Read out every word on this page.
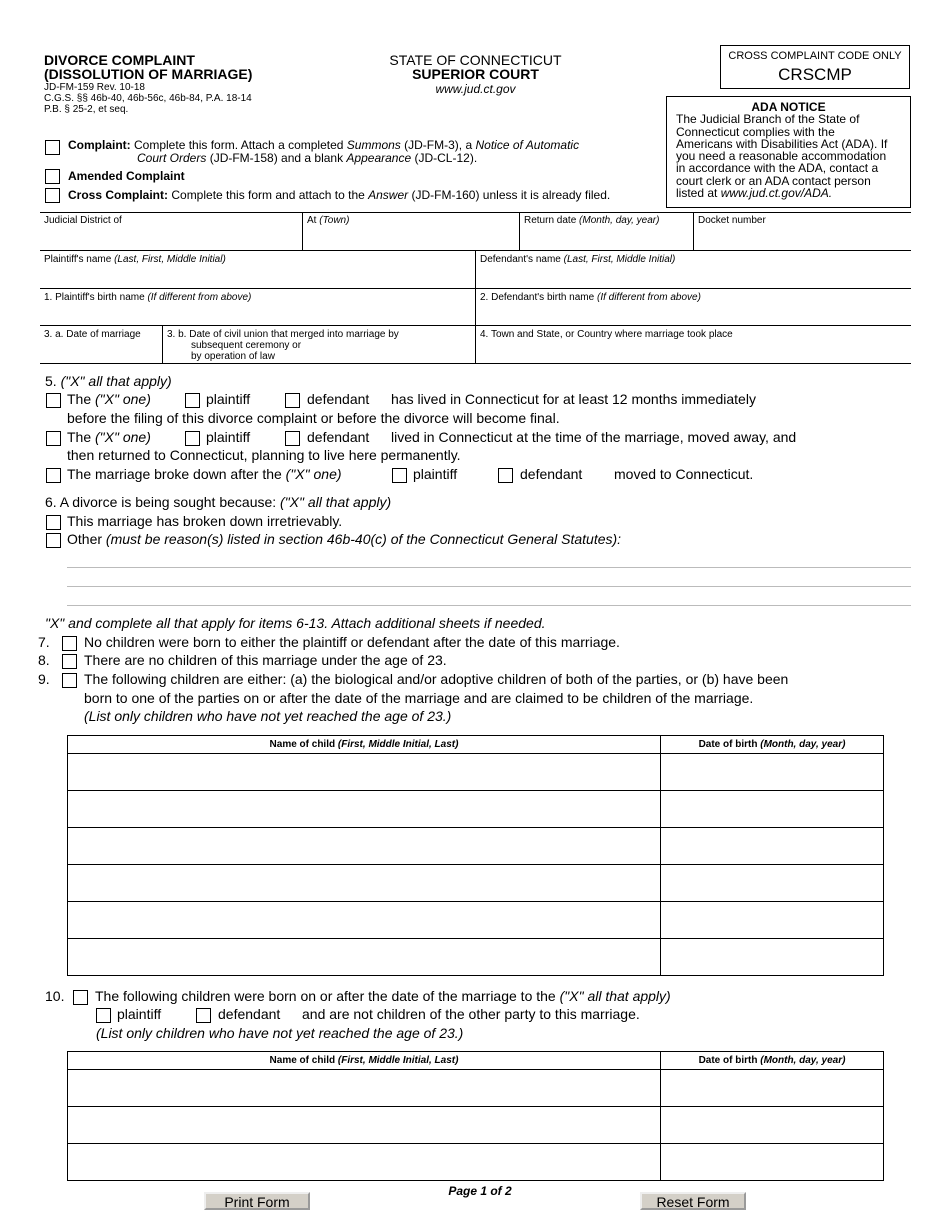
DIVORCE COMPLAINT
(DISSOLUTION OF MARRIAGE)
JD-FM-159 Rev. 10-18
C.G.S. §§ 46b-40, 46b-56c, 46b-84, P.A. 18-14
P.B. § 25-2, et seq.
STATE OF CONNECTICUT
SUPERIOR COURT
www.jud.ct.gov
CROSS COMPLAINT CODE ONLY
CRSCMP
ADA NOTICE
The Judicial Branch of the State of
Connecticut complies with the
Americans with Disabilities Act (ADA). If
you need a reasonable accommodation
in accordance with the ADA, contact a
court clerk or an ADA contact person
listed at www.jud.ct.gov/ADA.
Complaint: Complete this form. Attach a completed Summons (JD-FM-3), a Notice of Automatic
Court Orders (JD-FM-158) and a blank Appearance (JD-CL-12).
Amended Complaint
Cross Complaint: Complete this form and attach to the Answer (JD-FM-160) unless it is already filed.
Judicial District of	At (Town)	Return date (Month, day, year)	Docket number
Plaintiff's name (Last, First, Middle Initial)	Defendant's name (Last, First, Middle Initial)
1. Plaintiff's birth name (If different from above)	2. Defendant's birth name (If different from above)
3. a. Date of marriage	3. b. Date of civil union that merged into marriage by
subsequent ceremony or
by operation of law
4. Town and State, or Country where marriage took place
5. ("X" all that apply)
The ("X" one)	plaintiff	defendant has lived in Connecticut for at least 12 months immediately
before the filing of this divorce complaint or before the divorce will become final.
The ("X" one)	plaintiff	defendant lived in Connecticut at the time of the marriage, moved away, and
then returned to Connecticut, planning to live here permanently.
The marriage broke down after the ("X" one)	plaintiff	defendant moved to Connecticut.
6. A divorce is being sought because: ("X" all that apply)
This marriage has broken down irretrievably.
Other (must be reason(s) listed in section 46b-40(c) of the Connecticut General Statutes):
"X" and complete all that apply for items 6-13. Attach additional sheets if needed.
7. No children were born to either the plaintiff or defendant after the date of this marriage.
8. There are no children of this marriage under the age of 23.
9. The following children are either: (a) the biological and/or adoptive children of both of the parties, or (b) have been
born to one of the parties on or after the date of the marriage and are claimed to be children of the marriage.
(List only children who have not yet reached the age of 23.)
Name of child (First, Middle Initial, Last)	Date of birth (Month, day, year)

10. The following children were born on or after the date of the marriage to the ("X" all that apply)
plaintiff	defendant and are not children of the other party to this marriage.
(List only children who have not yet reached the age of 23.)
Name of child (First, Middle Initial, Last)	Date of birth (Month, day, year)

Print Form
Page 1 of 2
Reset Form
